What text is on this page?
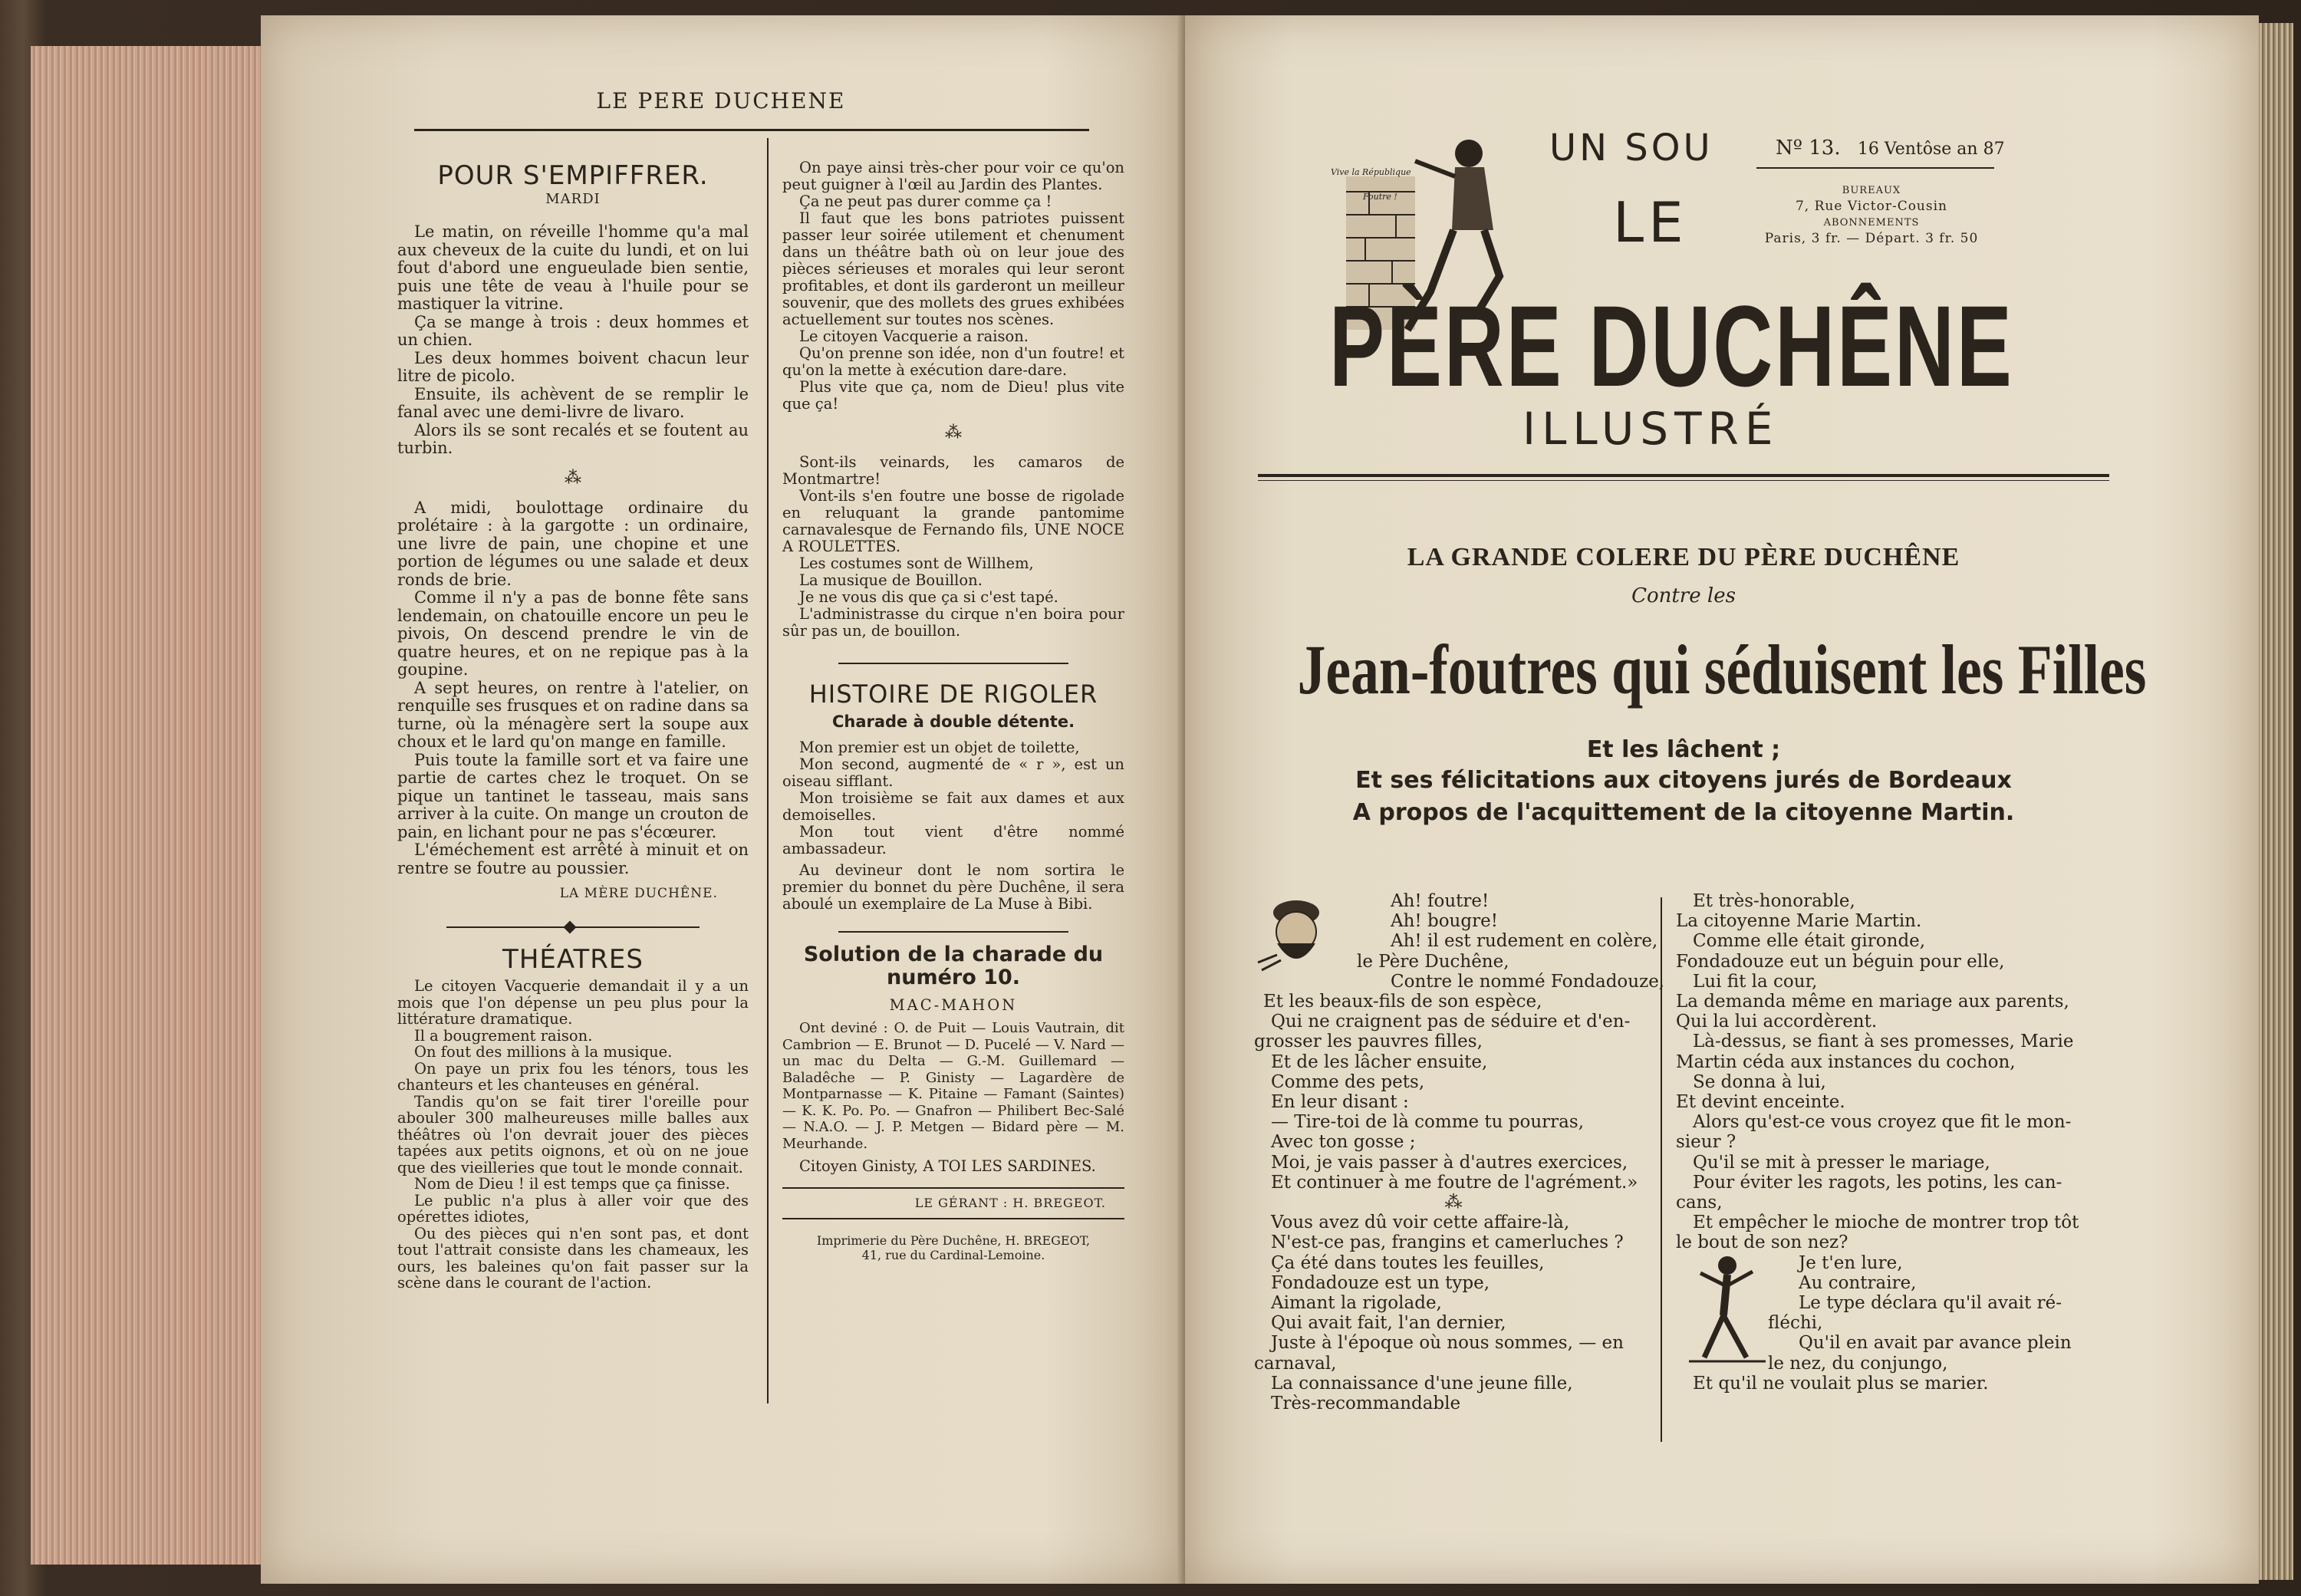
LE PERE DUCHENE
POUR S'EMPIFFRER.
MARDI

Le matin, on réveille l'homme qu'a mal aux cheveux de la cuite du lundi, et on lui fout d'abord une engueulade bien sentie, puis une tête de veau à l'huile pour se mastiquer la vitrine.

Ça se mange à trois : deux hommes et un chien.

Les deux hommes boivent chacun leur litre de picolo.

Ensuite, ils achèvent de se remplir le fanal avec une demi-livre de livaro.

Alors ils se sont recalés et se foutent au turbin.

⁂

A midi, boulottage ordinaire du prolétaire : à la gargotte : un ordinaire, une livre de pain, une chopine et une portion de légumes ou une salade et deux ronds de brie.

Comme il n'y a pas de bonne fête sans lendemain, on chatouille encore un peu le pivois, On descend prendre le vin de quatre heures, et on ne repique pas à la goupine.

A sept heures, on rentre à l'atelier, on renquille ses frusques et on radine dans sa turne, où la ménagère sert la soupe aux choux et le lard qu'on mange en famille.

Puis toute la famille sort et va faire une partie de cartes chez le troquet. On se pique un tantinet le tasseau, mais sans arriver à la cuite. On mange un crouton de pain, en lichant pour ne pas s'écœurer.

L'éméchement est arrêté à minuit et on rentre se foutre au poussier.

LA MÈRE DUCHÊNE.
THÉATRES

Le citoyen Vacquerie demandait il y a un mois que l'on dépense un peu plus pour la littérature dramatique.

Il a bougrement raison.

On fout des millions à la musique.

On paye un prix fou les ténors, tous les chanteurs et les chanteuses en général.

Tandis qu'on se fait tirer l'oreille pour abouler 300 malheureuses mille balles aux théâtres où l'on devrait jouer des pièces tapées aux petits oignons, et où on ne joue que des vieilleries que tout le monde connait.

Nom de Dieu ! il est temps que ça finisse.

Le public n'a plus à aller voir que des opérettes idiotes,

Ou des pièces qui n'en sont pas, et dont tout l'attrait consiste dans les chameaux, les ours, les baleines qu'on fait passer sur la scène dans le courant de l'action.

On paye ainsi très-cher pour voir ce qu'on peut guigner à l'œil au Jardin des Plantes.

Ça ne peut pas durer comme ça !

Il faut que les bons patriotes puissent passer leur soirée utilement et chenument dans un théâtre bath où on leur joue des pièces sérieuses et morales qui leur seront profitables, et dont ils garderont un meilleur souvenir, que des mollets des grues exhibées actuellement sur toutes nos scènes.

Le citoyen Vacquerie a raison.

Qu'on prenne son idée, non d'un foutre! et qu'on la mette à exécution dare-dare.

Plus vite que ça, nom de Dieu! plus vite que ça!

⁂

Sont-ils veinards, les camaros de Montmartre!

Vont-ils s'en foutre une bosse de rigolade en reluquant la grande pantomime carnavalesque de Fernando fils, UNE NOCE A ROULETTES.

Les costumes sont de Willhem,

La musique de Bouillon.

Je ne vous dis que ça si c'est tapé.

L'administrasse du cirque n'en boira pour sûr pas un, de bouillon.

HISTOIRE DE RIGOLER
Charade à double détente.

Mon premier est un objet de toilette,

Mon second, augmenté de « r », est un oiseau sifflant.

Mon troisième se fait aux dames et aux demoiselles.

Mon tout vient d'être nommé ambassadeur.

Au devineur dont le nom sortira le premier du bonnet du père Duchêne, il sera aboulé un exemplaire de La Muse à Bibi.

Solution de la charade du numéro 10.
MAC-MAHON

Ont deviné : O. de Puit — Louis Vautrain, dit Cambrion — E. Brunot — D. Pucelé — V. Nard — un mac du Delta — G.-M. Guillemard — Baladêche — P. Ginisty — Lagardère de Montparnasse — K. Pitaine — Famant (Saintes) — K. K. Po. Po. — Gnafron — Philibert Bec-Salé — N.A.O. — J. P. Metgen — Bidard père — M. Meurhande.

Citoyen Ginisty, A TOI LES SARDINES.

LE GÉRANT : H. BREGEOT.
Imprimerie du Père Duchêne, H. BREGEOT,
41, rue du Cardinal-Lemoine.
Vive la République
Foutre !
UN SOU	Nº 13. 16 Ventôse an 87
BUREAUX
7, Rue Victor-Cousin
ABONNEMENTS
Paris, 3 fr. — Départ. 3 fr. 50
LE
PÈRE DUCHÊNE
ILLUSTRÉ
LA GRANDE COLERE DU PÈRE DUCHÊNE
Contre les
Jean-foutres qui séduisent les Filles
Et les lâchent ;
Et ses félicitations aux citoyens jurés de Bordeaux
A propos de l'acquittement de la citoyenne Martin.
Ah! foutre!
Ah! bougre!
Ah! il est rudement en colère,
le Père Duchêne,
Contre le nommé Fondadouze,
Et les beaux-fils de son espèce,
Qui ne craignent pas de séduire et d'en-
grosser les pauvres filles,
Et de les lâcher ensuite,
Comme des pets,
En leur disant :
— Tire-toi de là comme tu pourras,
Avec ton gosse ;
Moi, je vais passer à d'autres exercices,
Et continuer à me foutre de l'agrément.»
⁂
Vous avez dû voir cette affaire-là,
N'est-ce pas, frangins et camerluches ?
Ça été dans toutes les feuilles,
Fondadouze est un type,
Aimant la rigolade,
Qui avait fait, l'an dernier,
Juste à l'époque où nous sommes, — en
carnaval,
La connaissance d'une jeune fille,
Très-recommandable
Et très-honorable,
La citoyenne Marie Martin.
Comme elle était gironde,
Fondadouze eut un béguin pour elle,
Lui fit la cour,
La demanda même en mariage aux parents,
Qui la lui accordèrent.
Là-dessus, se fiant à ses promesses, Marie
Martin céda aux instances du cochon,
Se donna à lui,
Et devint enceinte.
Alors qu'est-ce vous croyez que fit le mon-
sieur ?
Qu'il se mit à presser le mariage,
Pour éviter les ragots, les potins, les can-
cans,
Et empêcher le mioche de montrer trop tôt
le bout de son nez?
Je t'en lure,
Au contraire,
Le type déclara qu'il avait ré-
fléchi,
Qu'il en avait par avance plein
le nez, du conjungo,
Et qu'il ne voulait plus se marier.
